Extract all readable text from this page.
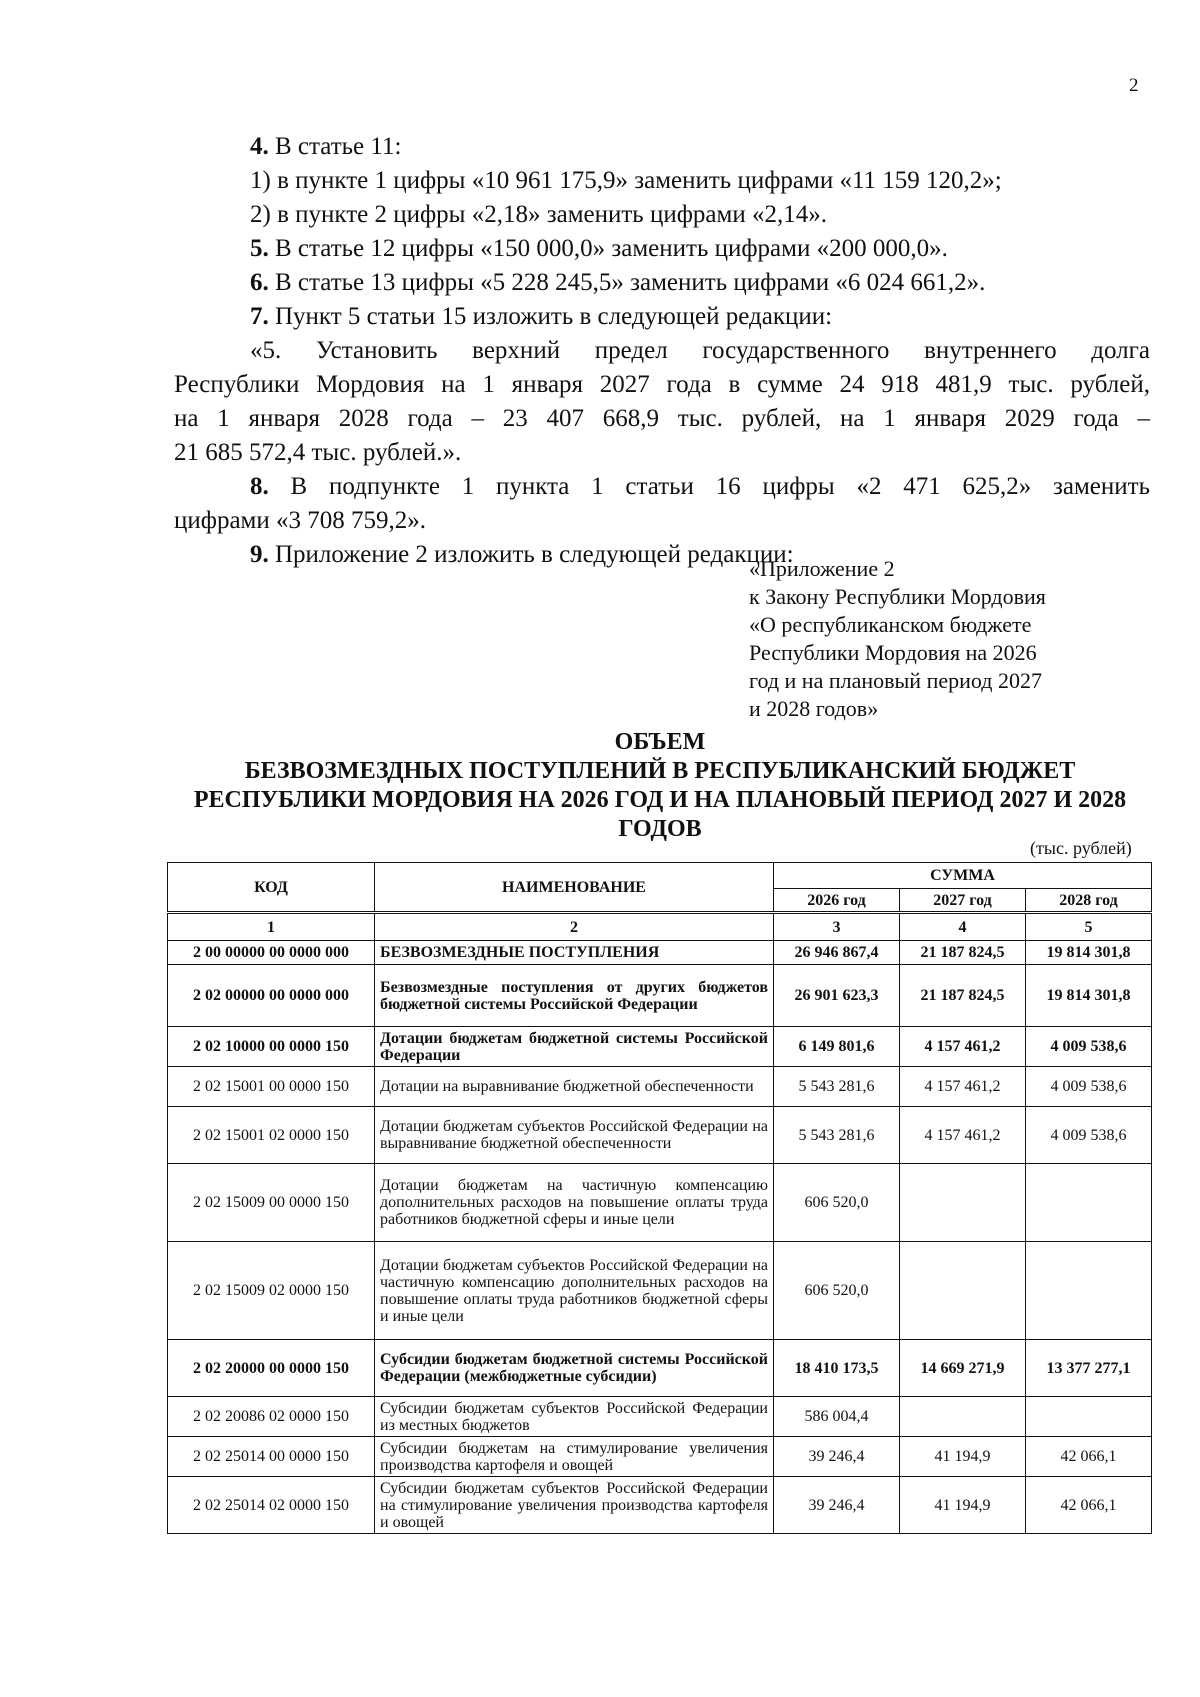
2

4. В статье 11:

1) в пункте 1 цифры «10 961 175,9» заменить цифрами «11 159 120,2»;

2) в пункте 2 цифры «2,18» заменить цифрами «2,14».

5. В статье 12 цифры «150 000,0» заменить цифрами «200 000,0».

6. В статье 13 цифры «5 228 245,5» заменить цифрами «6 024 661,2».

7. Пункт 5 статьи 15 изложить в следующей редакции:

«5. Установить верхний предел государственного внутреннего долга

Республики Мордовия на 1 января 2027 года в сумме 24 918 481,9 тыс. рублей,

на 1 января 2028 года – 23 407 668,9 тыс. рублей, на 1 января 2029 года –

21 685 572,4 тыс. рублей.».

8. В подпункте 1 пункта 1 статьи 16 цифры «2 471 625,2» заменить

цифрами «3 708 759,2».

9. Приложение 2 изложить в следующей редакции:

«Приложение 2
к Закону Республики Мордовия
«О республиканском бюджете
Республики Мордовия на 2026
год и на плановый период 2027
и 2028 годов»
ОБЪЕМ
БЕЗВОЗМЕЗДНЫХ ПОСТУПЛЕНИЙ В РЕСПУБЛИКАНСКИЙ БЮДЖЕТ
РЕСПУБЛИКИ МОРДОВИЯ НА 2026 ГОД И НА ПЛАНОВЫЙ ПЕРИОД 2027 И 2028
ГОДОВ
(тыс. рублей)
КОД	НАИМЕНОВАНИЕ	СУММА		
		2026 год	2027 год	2028 год
1	2	3	4	5
2 00 00000 00 0000 000	БЕЗВОЗМЕЗДНЫЕ ПОСТУПЛЕНИЯ	26 946 867,4	21 187 824,5	19 814 301,8
2 02 00000 00 0000 000	Безвозмездные поступления от других бюджетов бюджетной системы Российской Федерации	26 901 623,3	21 187 824,5	19 814 301,8
2 02 10000 00 0000 150	Дотации бюджетам бюджетной системы Российской Федерации	6 149 801,6	4 157 461,2	4 009 538,6
2 02 15001 00 0000 150	Дотации на выравнивание бюджетной обеспеченности	5 543 281,6	4 157 461,2	4 009 538,6
2 02 15001 02 0000 150	Дотации бюджетам субъектов Российской Федерации на выравнивание бюджетной обеспеченности	5 543 281,6	4 157 461,2	4 009 538,6
2 02 15009 00 0000 150	Дотации бюджетам на частичную компенсацию дополнительных расходов на повышение оплаты труда работников бюджетной сферы и иные цели	606 520,0		
2 02 15009 02 0000 150	Дотации бюджетам субъектов Российской Федерации на частичную компенсацию дополнительных расходов на повышение оплаты труда работников бюджетной сферы и иные цели	606 520,0		
2 02 20000 00 0000 150	Субсидии бюджетам бюджетной системы Российской Федерации (межбюджетные субсидии)	18 410 173,5	14 669 271,9	13 377 277,1
2 02 20086 02 0000 150	Субсидии бюджетам субъектов Российской Федерации из местных бюджетов	586 004,4		
2 02 25014 00 0000 150	Субсидии бюджетам на стимулирование увеличения производства картофеля и овощей	39 246,4	41 194,9	42 066,1
2 02 25014 02 0000 150	Субсидии бюджетам субъектов Российской Федерации на стимулирование увеличения производства картофеля и овощей	39 246,4	41 194,9	42 066,1
